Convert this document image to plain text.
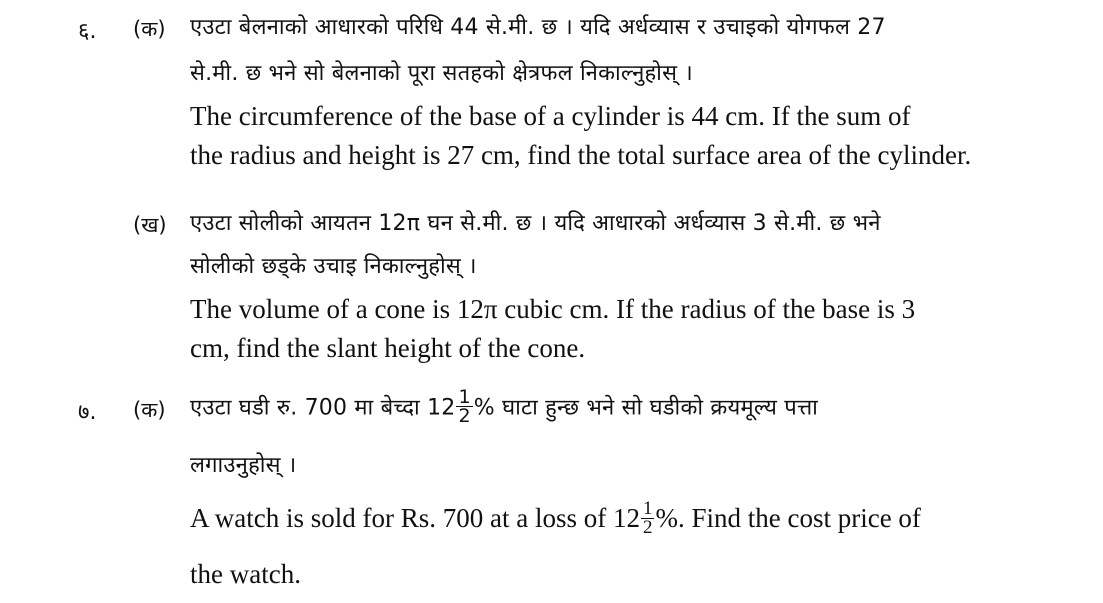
६. (क) एउटा बेलनाको आधारको परिधि 44 से.मी. छ । यदि अर्धव्यास र उचाइको योगफल 27
से.मी. छ भने सो बेलनाको पूरा सतहको क्षेत्रफल निकाल्नुहोस् ।
The circumference of the base of a cylinder is 44 cm. If the sum of
the radius and height is 27 cm, find the total surface area of the cylinder.
(ख) एउटा सोलीको आयतन 12π घन से.मी. छ । यदि आधारको अर्धव्यास 3 से.मी. छ भने
सोलीको छड्के उचाइ निकाल्नुहोस् ।
The volume of a cone is 12π cubic cm. If the radius of the base is 3
cm, find the slant height of the cone.
७. (क) एउटा घडी रु. 700 मा बेच्दा $12 \frac{1}{2}$ % घाटा हुन्छ भने सो घडीको क्रयमूल्य पत्ता
लगाउनुहोस् ।
A watch is sold for Rs. 700 at a loss of $12 \frac{1}{2}$ %. Find the cost price of
the watch.
